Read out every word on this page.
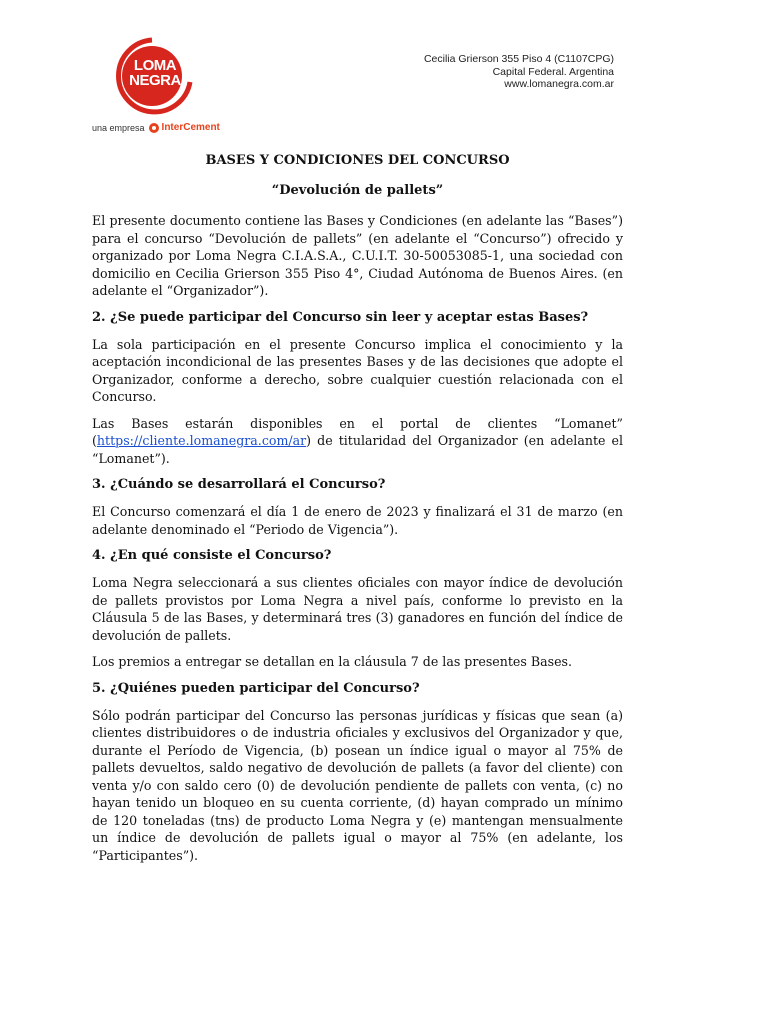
LOMA
NEGRA
una empresa InterCement
Cecilia Grierson 355 Piso 4 (C1107CPG)
Capital Federal. Argentina
www.lomanegra.com.ar
BASES Y CONDICIONES DEL CONCURSO
“Devolución de pallets”

El presente documento contiene las Bases y Condiciones (en adelante las “Bases”) para el concurso “Devolución de pallets” (en adelante el “Concurso”) ofrecido y organizado por Loma Negra C.I.A.S.A., C.U.I.T. 30-50053085-1, una sociedad con domicilio en Cecilia Grierson 355 Piso 4°, Ciudad Autónoma de Buenos Aires. (en adelante el “Organizador”).

2. ¿Se puede participar del Concurso sin leer y aceptar estas Bases?

La sola participación en el presente Concurso implica el conocimiento y la aceptación incondicional de las presentes Bases y de las decisiones que adopte el Organizador, conforme a derecho, sobre cualquier cuestión relacionada con el Concurso.

Las Bases estarán disponibles en el portal de clientes “Lomanet” (https://cliente.lomanegra.com/ar) de titularidad del Organizador (en adelante el “Lomanet”).

3. ¿Cuándo se desarrollará el Concurso?

El Concurso comenzará el día 1 de enero de 2023 y finalizará el 31 de marzo (en adelante denominado el “Periodo de Vigencia”).

4. ¿En qué consiste el Concurso?

Loma Negra seleccionará a sus clientes oficiales con mayor índice de devolución de pallets provistos por Loma Negra a nivel país, conforme lo previsto en la Cláusula 5 de las Bases, y determinará tres (3) ganadores en función del índice de devolución de pallets.

Los premios a entregar se detallan en la cláusula 7 de las presentes Bases.

5. ¿Quiénes pueden participar del Concurso?

Sólo podrán participar del Concurso las personas jurídicas y físicas que sean (a) clientes distribuidores o de industria oficiales y exclusivos del Organizador y que, durante el Período de Vigencia, (b) posean un índice igual o mayor al 75% de pallets devueltos, saldo negativo de devolución de pallets (a favor del cliente) con venta y/o con saldo cero (0) de devolución pendiente de pallets con venta, (c) no hayan tenido un bloqueo en su cuenta corriente, (d) hayan comprado un mínimo de 120 toneladas (tns) de producto Loma Negra y (e) mantengan mensualmente un índice de devolución de pallets igual o mayor al 75% (en adelante, los “Participantes”).
